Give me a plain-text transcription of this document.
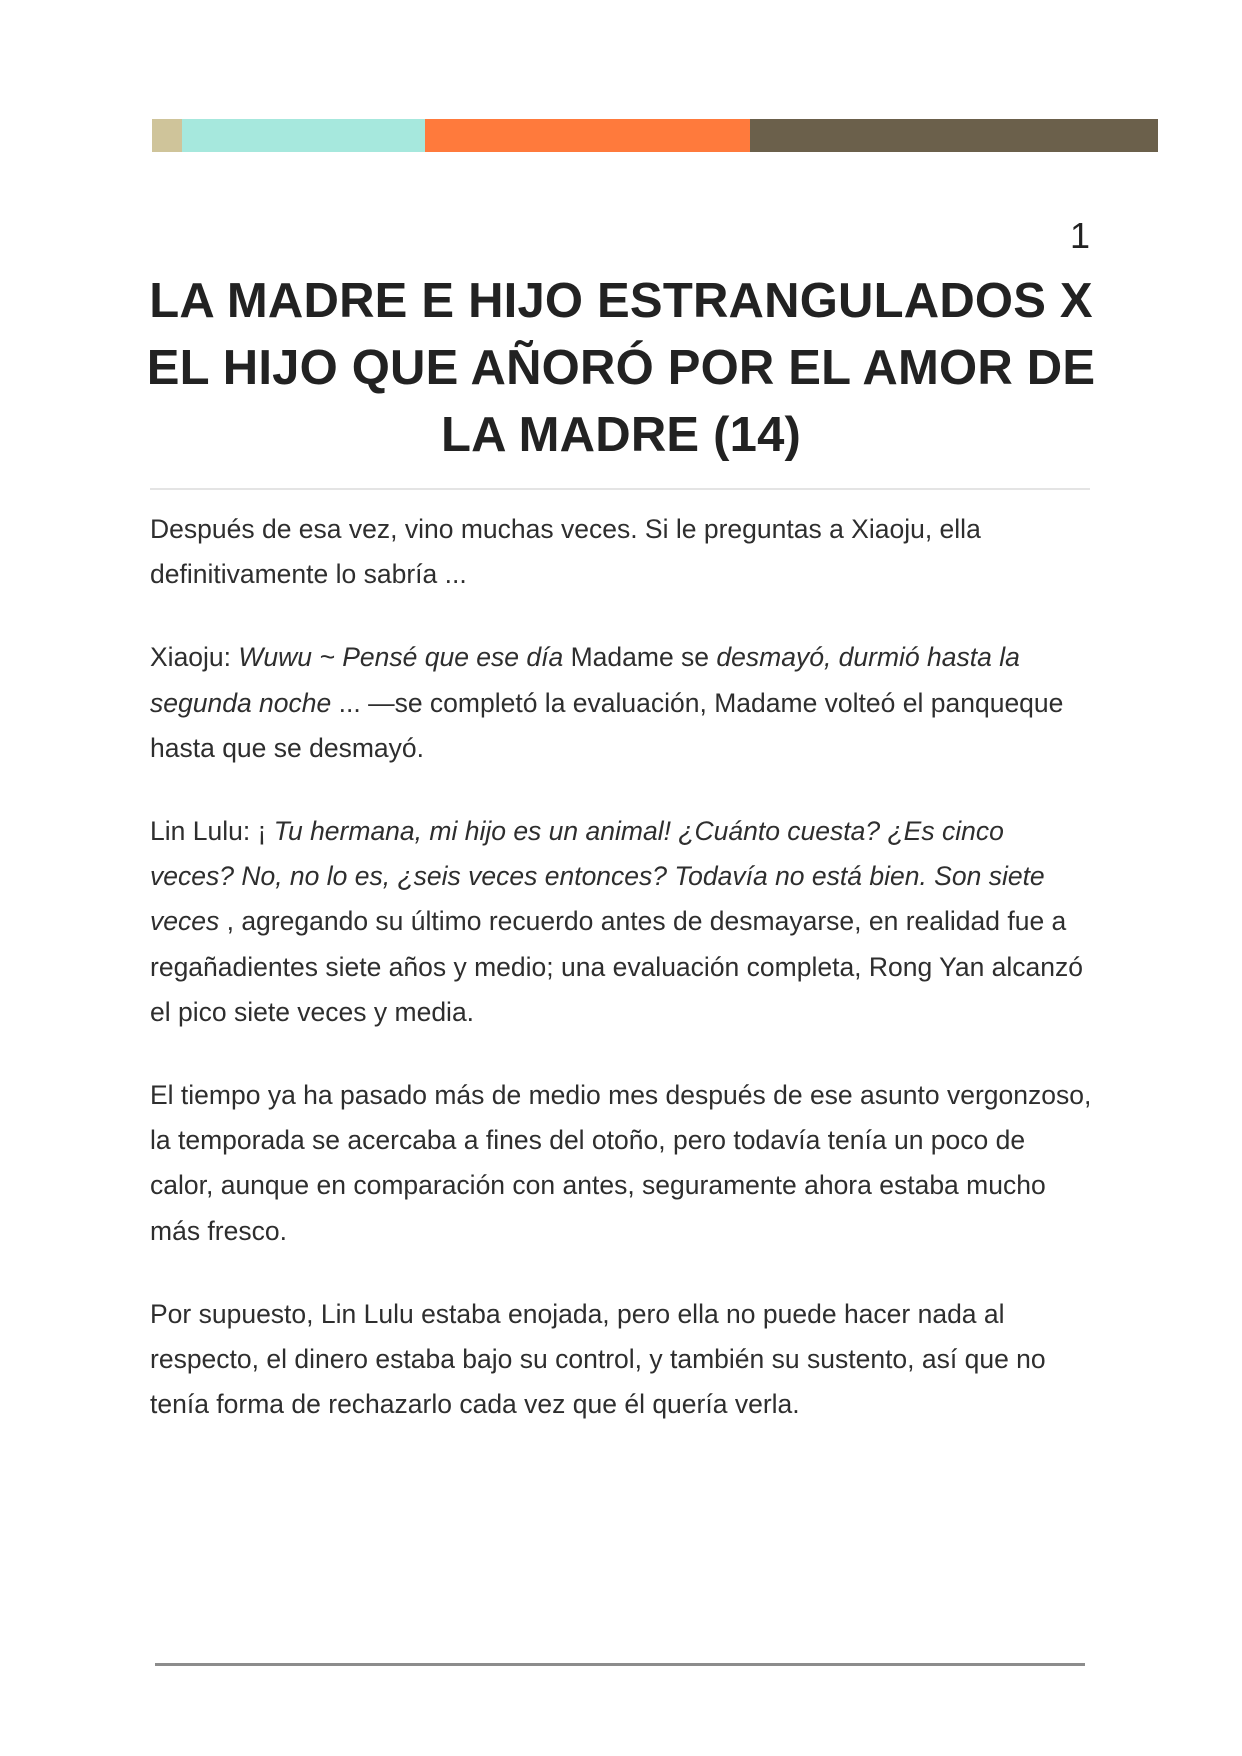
1
LA MADRE E HIJO ESTRANGULADOS X EL HIJO QUE AÑORÓ POR EL AMOR DE LA MADRE (14)

Después de esa vez, vino muchas veces. Si le preguntas a Xiaoju, ella definitivamente lo sabría ...

Xiaoju: Wuwu ~ Pensé que ese día Madame se desmayó, durmió hasta la segunda noche ... —se completó la evaluación, Madame volteó el panqueque hasta que se desmayó.

Lin Lulu: ¡ Tu hermana, mi hijo es un animal! ¿Cuánto cuesta? ¿Es cinco veces? No, no lo es, ¿seis veces entonces? Todavía no está bien. Son siete veces , agregando su último recuerdo antes de desmayarse, en realidad fue a regañadientes siete años y medio; una evaluación completa, Rong Yan alcanzó el pico siete veces y media.

El tiempo ya ha pasado más de medio mes después de ese asunto vergonzoso, la temporada se acercaba a fines del otoño, pero todavía tenía un poco de calor, aunque en comparación con antes, seguramente ahora estaba mucho más fresco.

Por supuesto, Lin Lulu estaba enojada, pero ella no puede hacer nada al respecto, el dinero estaba bajo su control, y también su sustento, así que no tenía forma de rechazarlo cada vez que él quería verla.
